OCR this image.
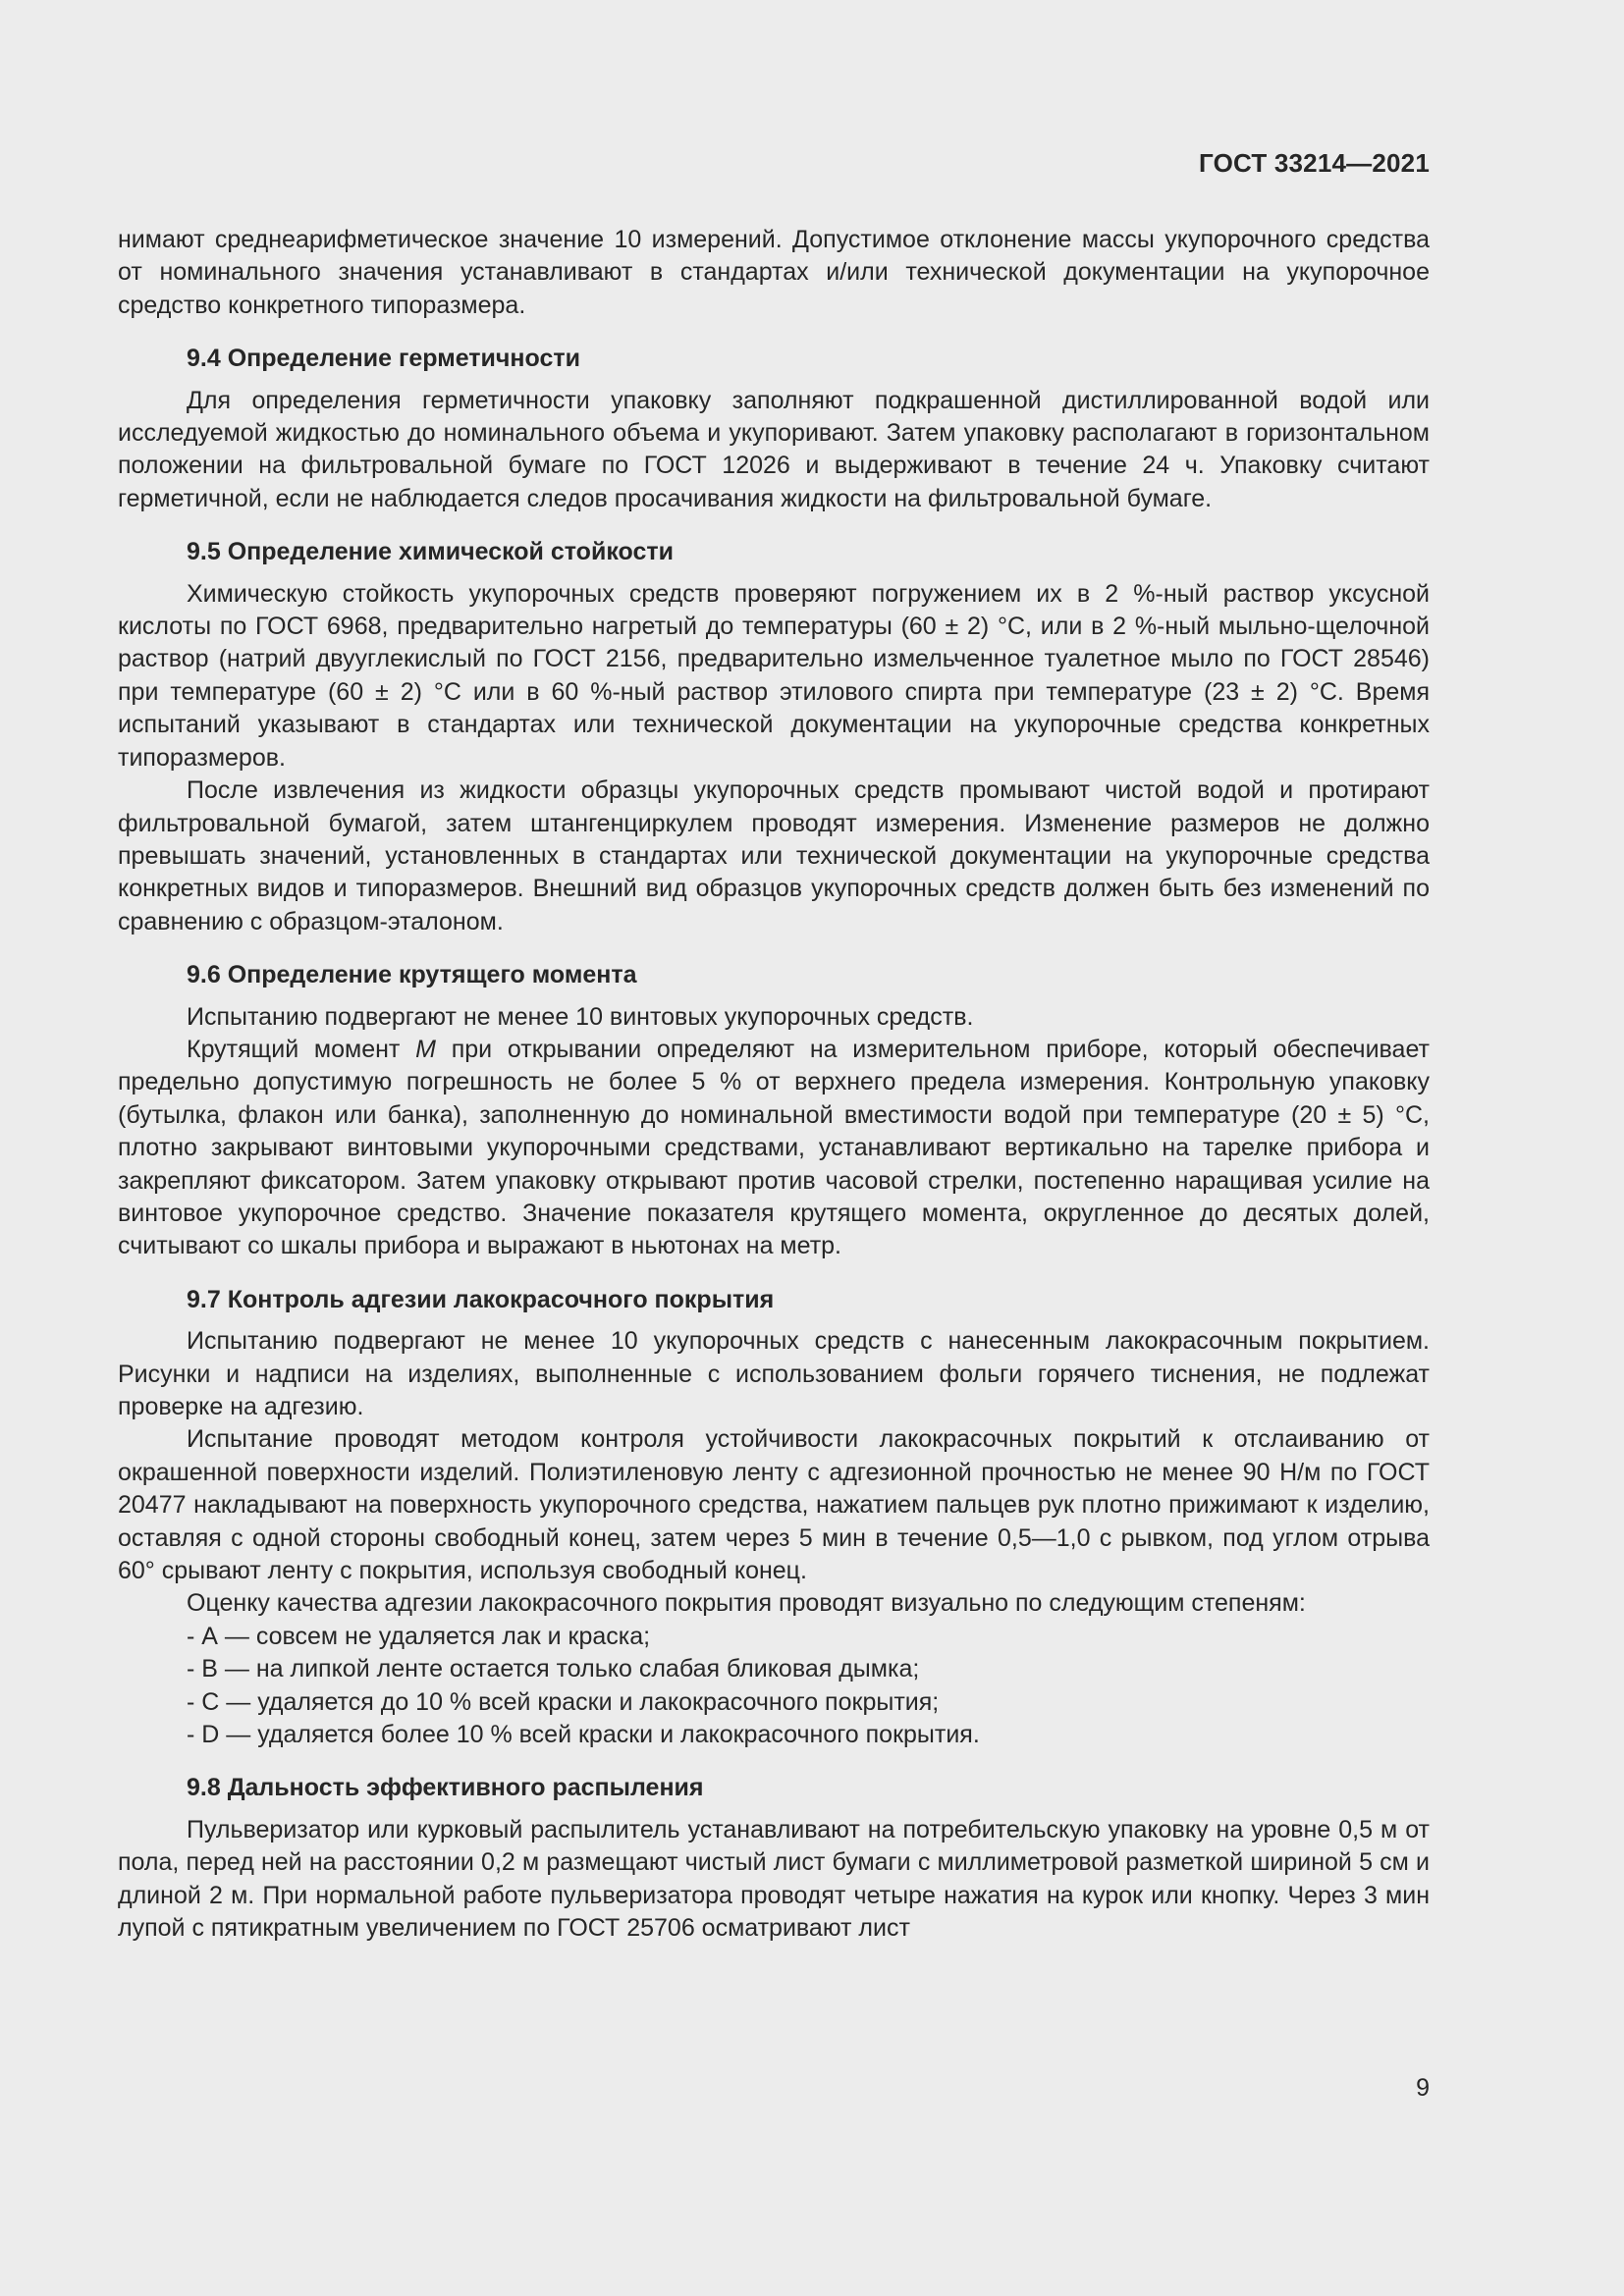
ГОСТ 33214—2021

нимают среднеарифметическое значение 10 измерений. Допустимое отклонение массы укупорочного средства от номинального значения устанавливают в стандартах и/или технической документации на укупорочное средство конкретного типоразмера.

9.4 Определение герметичности

Для определения герметичности упаковку заполняют подкрашенной дистиллированной водой или исследуемой жидкостью до номинального объема и укупоривают. Затем упаковку располагают в горизонтальном положении на фильтровальной бумаге по ГОСТ 12026 и выдерживают в течение 24 ч. Упаковку считают герметичной, если не наблюдается следов просачивания жидкости на фильтровальной бумаге.

9.5 Определение химической стойкости

Химическую стойкость укупорочных средств проверяют погружением их в 2 %-ный раствор уксусной кислоты по ГОСТ 6968, предварительно нагретый до температуры (60 ± 2) °С, или в 2 %-ный мыльно-щелочной раствор (натрий двууглекислый по ГОСТ 2156, предварительно измельченное туалетное мыло по ГОСТ 28546) при температуре (60 ± 2) °С или в 60 %-ный раствор этилового спирта при температуре (23 ± 2) °С. Время испытаний указывают в стандартах или технической документации на укупорочные средства конкретных типоразмеров.

После извлечения из жидкости образцы укупорочных средств промывают чистой водой и протирают фильтровальной бумагой, затем штангенциркулем проводят измерения. Изменение размеров не должно превышать значений, установленных в стандартах или технической документации на укупорочные средства конкретных видов и типоразмеров. Внешний вид образцов укупорочных средств должен быть без изменений по сравнению с образцом-эталоном.

9.6 Определение крутящего момента

Испытанию подвергают не менее 10 винтовых укупорочных средств.

Крутящий момент М при открывании определяют на измерительном приборе, который обеспечивает предельно допустимую погрешность не более 5 % от верхнего предела измерения. Контрольную упаковку (бутылка, флакон или банка), заполненную до номинальной вместимости водой при температуре (20 ± 5) °С, плотно закрывают винтовыми укупорочными средствами, устанавливают вертикально на тарелке прибора и закрепляют фиксатором. Затем упаковку открывают против часовой стрелки, постепенно наращивая усилие на винтовое укупорочное средство. Значение показателя крутящего момента, округленное до десятых долей, считывают со шкалы прибора и выражают в ньютонах на метр.

9.7 Контроль адгезии лакокрасочного покрытия

Испытанию подвергают не менее 10 укупорочных средств с нанесенным лакокрасочным покрытием. Рисунки и надписи на изделиях, выполненные с использованием фольги горячего тиснения, не подлежат проверке на адгезию.

Испытание проводят методом контроля устойчивости лакокрасочных покрытий к отслаиванию от окрашенной поверхности изделий. Полиэтиленовую ленту с адгезионной прочностью не менее 90 Н/м по ГОСТ 20477 накладывают на поверхность укупорочного средства, нажатием пальцев рук плотно прижимают к изделию, оставляя с одной стороны свободный конец, затем через 5 мин в течение 0,5—1,0 с рывком, под углом отрыва 60° срывают ленту с покрытия, используя свободный конец.

Оценку качества адгезии лакокрасочного покрытия проводят визуально по следующим степеням:

- А — совсем не удаляется лак и краска;
- В — на липкой ленте остается только слабая бликовая дымка;
- С — удаляется до 10 % всей краски и лакокрасочного покрытия;
- D — удаляется более 10 % всей краски и лакокрасочного покрытия.
9.8 Дальность эффективного распыления

Пульверизатор или курковый распылитель устанавливают на потребительскую упаковку на уровне 0,5 м от пола, перед ней на расстоянии 0,2 м размещают чистый лист бумаги с миллиметровой разметкой шириной 5 см и длиной 2 м. При нормальной работе пульверизатора проводят четыре нажатия на курок или кнопку. Через 3 мин лупой с пятикратным увеличением по ГОСТ 25706 осматривают лист

9
